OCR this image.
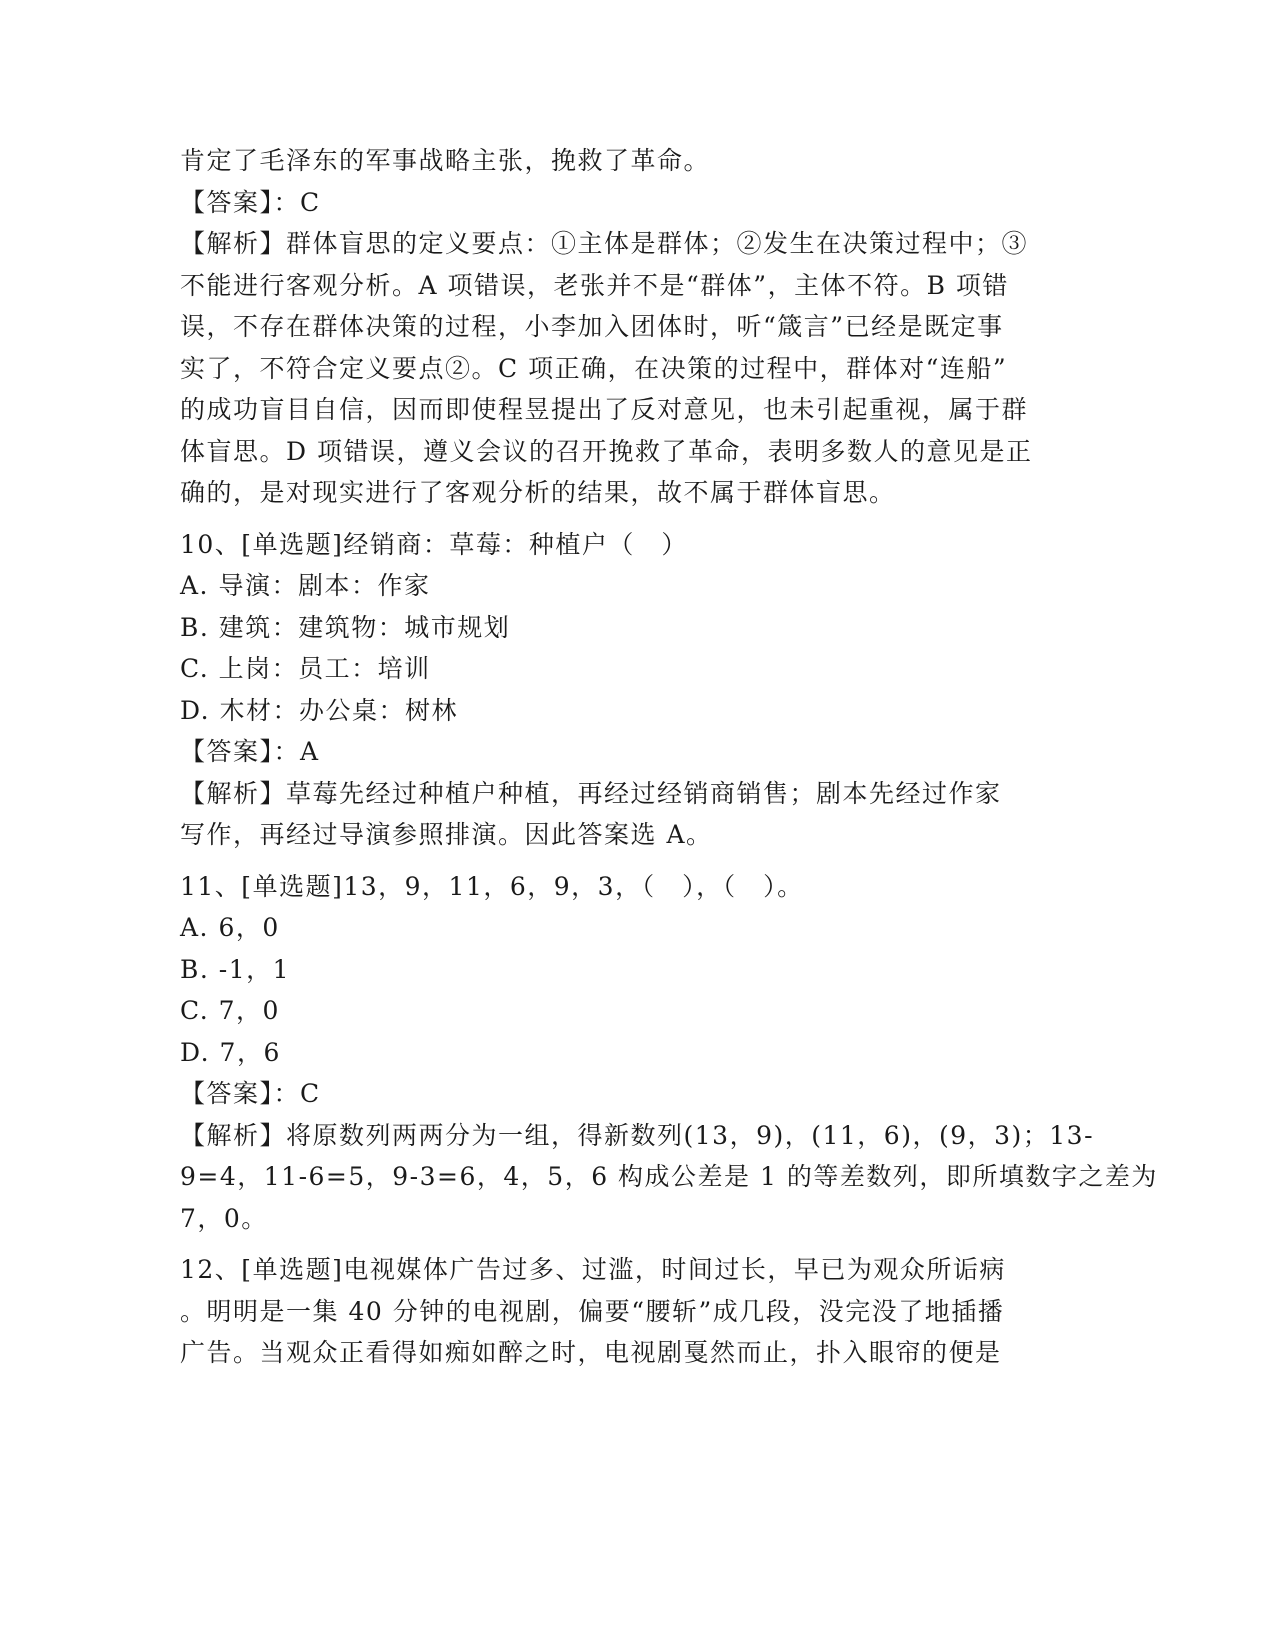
肯定了毛泽东的军事战略主张，挽救了革命。
【答案】：C
【解析】群体盲思的定义要点：①主体是群体；②发生在决策过程中；③
不能进行客观分析。A 项错误，老张并不是“群体”，主体不符。B 项错
误，不存在群体决策的过程，小李加入团体时，听“箴言”已经是既定事
实了，不符合定义要点②。C 项正确，在决策的过程中，群体对“连船”
的成功盲目自信，因而即使程昱提出了反对意见，也未引起重视，属于群
体盲思。D 项错误，遵义会议的召开挽救了革命，表明多数人的意见是正
确的，是对现实进行了客观分析的结果，故不属于群体盲思。
10、[单选题]经销商：草莓：种植户（　）
A. 导演：剧本：作家
B. 建筑：建筑物：城市规划
C. 上岗：员工：培训
D. 木材：办公桌：树林
【答案】：A
【解析】草莓先经过种植户种植，再经过经销商销售；剧本先经过作家
写作，再经过导演参照排演。因此答案选 A。
11、[单选题]13，9，11，6，9，3，（　），（　）。
A. 6，0
B. -1，1
C. 7，0
D. 7，6
【答案】：C
【解析】将原数列两两分为一组，得新数列(13，9)，(11，6)，(9，3)；13-
9=4，11-6=5，9-3=6，4，5，6 构成公差是 1 的等差数列，即所填数字之差为
7，0。
12、[单选题]电视媒体广告过多、过滥，时间过长，早已为观众所诟病
。明明是一集 40 分钟的电视剧，偏要“腰斩”成几段，没完没了地插播
广告。当观众正看得如痴如醉之时，电视剧戛然而止，扑入眼帘的便是
